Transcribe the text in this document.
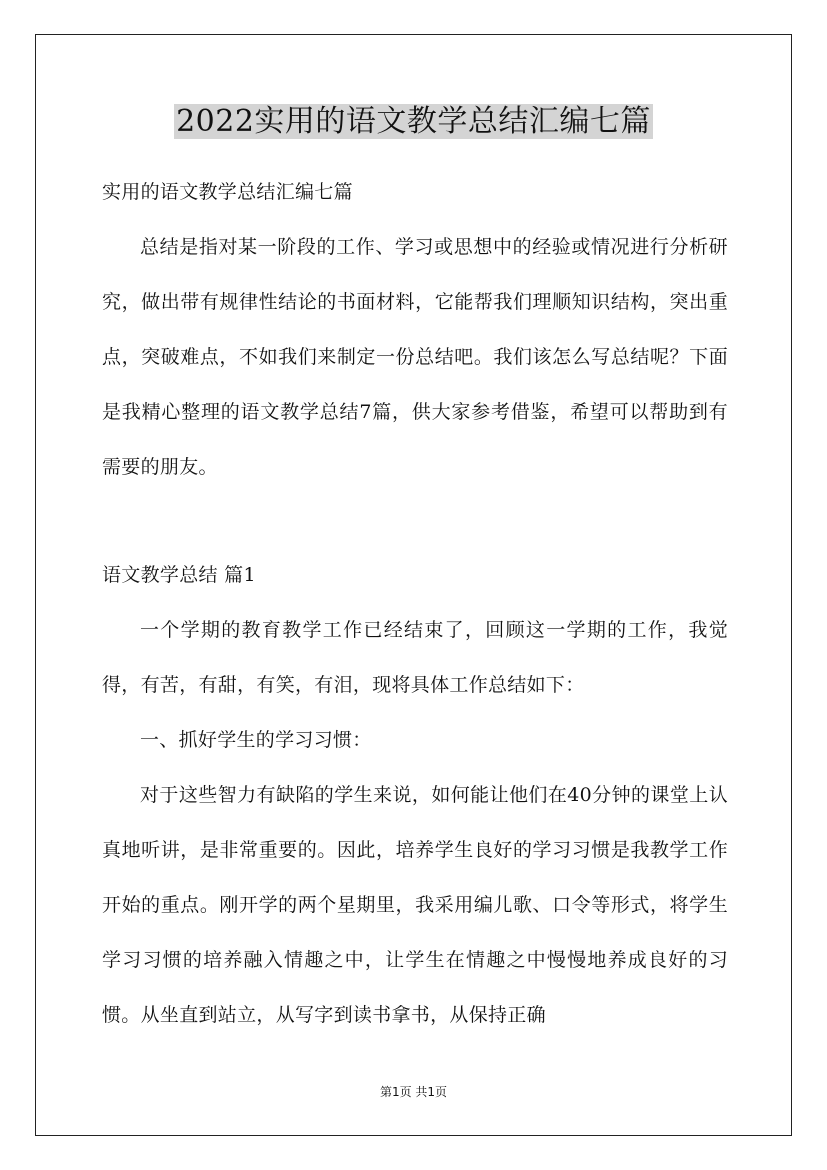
2022实用的语文教学总结汇编七篇

实用的语文教学总结汇编七篇

总结是指对某一阶段的工作、学习或思想中的经验或情况进行分析研究，做出带有规律性结论的书面材料，它能帮我们理顺知识结构，突出重点，突破难点，不如我们来制定一份总结吧。我们该怎么写总结呢？下面是我精心整理的语文教学总结7篇，供大家参考借鉴，希望可以帮助到有需要的朋友。

语文教学总结 篇1

一个学期的教育教学工作已经结束了，回顾这一学期的工作，我觉得，有苦，有甜，有笑，有泪，现将具体工作总结如下：

一、抓好学生的学习习惯：

对于这些智力有缺陷的学生来说，如何能让他们在40分钟的课堂上认真地听讲，是非常重要的。因此，培养学生良好的学习习惯是我教学工作开始的重点。刚开学的两个星期里，我采用编儿歌、口令等形式，将学生学习习惯的培养融入情趣之中，让学生在情趣之中慢慢地养成良好的习惯。从坐直到站立，从写字到读书拿书，从保持正确

第1页 共1页
